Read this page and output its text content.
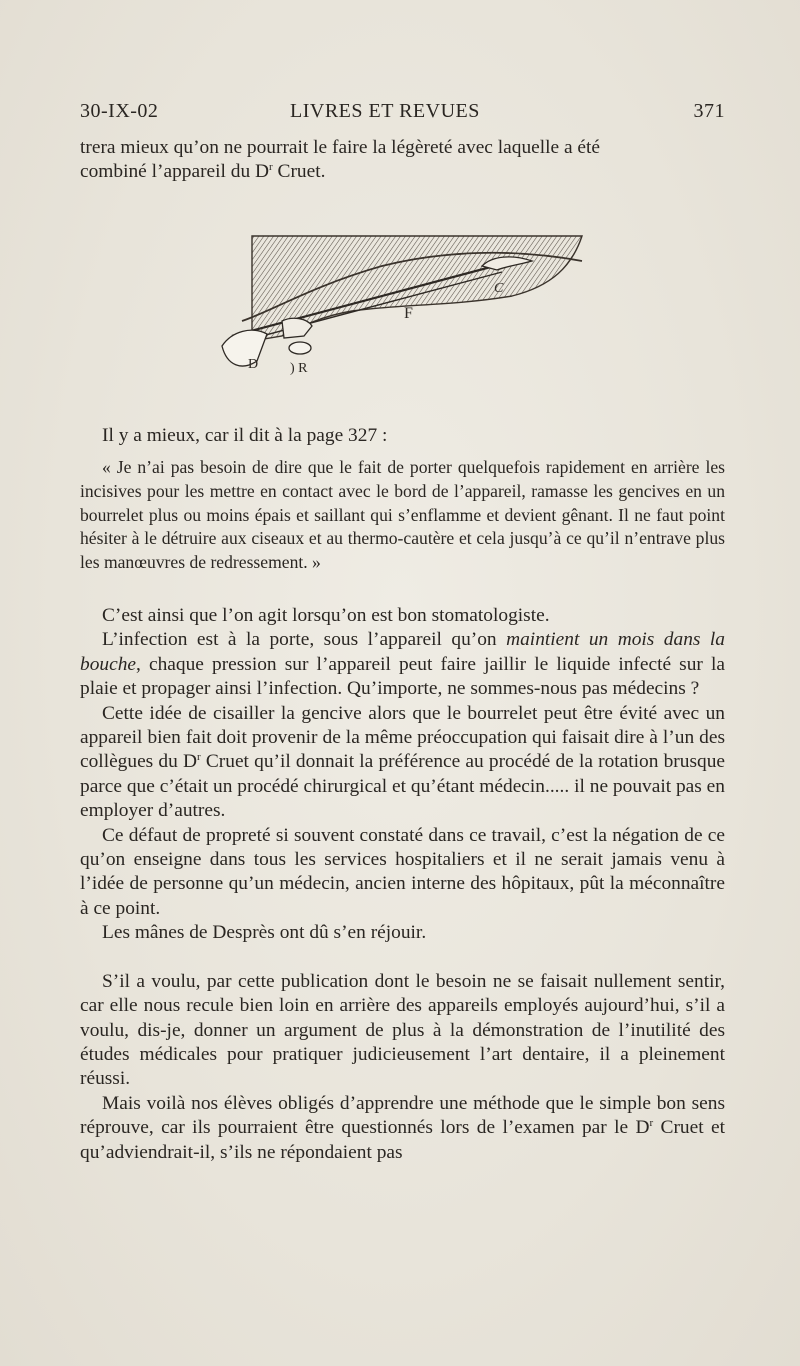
30-IX-02	LIVRES ET REVUES	371

trera mieux qu’on ne pourrait le faire la légèreté avec laquelle a été

combiné l’appareil du $D^r$ Cruet.

C
F
D ) R
Il y a mieux, car il dit à la page 327 :
« Je n’ai pas besoin de dire que le fait de porter quelquefois rapidement en arrière les incisives pour les mettre en contact avec le bord de l’appareil, ramasse les gencives en un bourrelet plus ou moins épais et saillant qui s’enflamme et devient gênant. Il ne faut point hésiter à le détruire aux ciseaux et au thermo-cautère et cela jusqu’à ce qu’il n’entrave plus les manœuvres de redressement. »

C’est ainsi que l’on agit lorsqu’on est bon stomatologiste.

L’infection est à la porte, sous l’appareil qu’on maintient un mois dans la bouche, chaque pression sur l’appareil peut faire jaillir le liquide infecté sur la plaie et propager ainsi l’infection. Qu’importe, ne sommes-nous pas médecins ?

Cette idée de cisailler la gencive alors que le bourrelet peut être évité avec un appareil bien fait doit provenir de la même préoccupation qui faisait dire à l’un des collègues du $D^r$ Cruet qu’il donnait la préférence au procédé de la rotation brusque parce que c’était un procédé chirurgical et qu’étant médecin..... il ne pouvait pas en employer d’autres.

Ce défaut de propreté si souvent constaté dans ce travail, c’est la négation de ce qu’on enseigne dans tous les services hospitaliers et il ne serait jamais venu à l’idée de personne qu’un médecin, ancien interne des hôpitaux, pût la méconnaître à ce point.

Les mânes de Desprès ont dû s’en réjouir.

S’il a voulu, par cette publication dont le besoin ne se faisait nullement sentir, car elle nous recule bien loin en arrière des appareils employés aujourd’hui, s’il a voulu, dis-je, donner un argument de plus à la démonstration de l’inutilité des études médicales pour pratiquer judicieusement l’art dentaire, il a pleinement réussi.

Mais voilà nos élèves obligés d’apprendre une méthode que le simple bon sens réprouve, car ils pourraient être questionnés lors de l’examen par le $D^r$ Cruet et qu’adviendrait-il, s’ils ne répondaient pas
